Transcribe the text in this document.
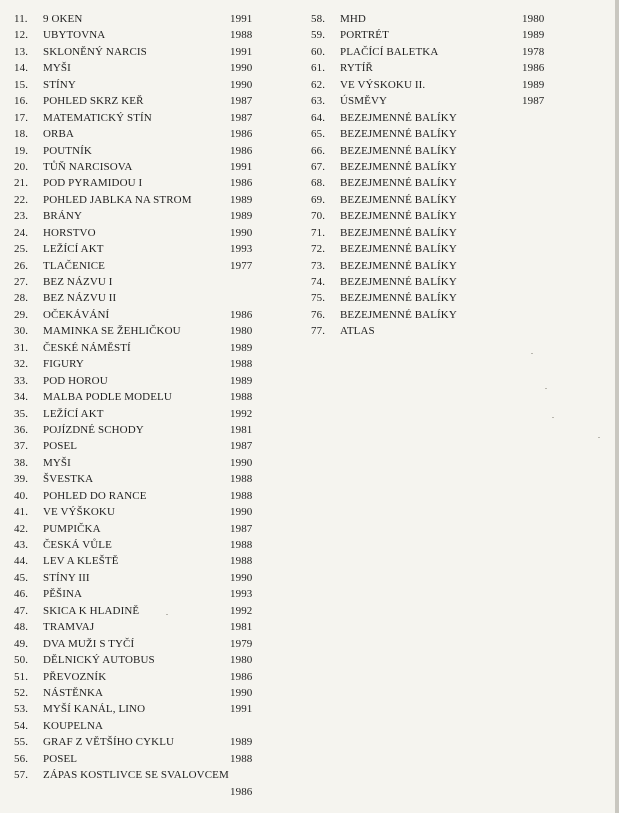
11. 9 OKEN	1991
12. UBYTOVNA	1988
13. SKLONĚNÝ NARCIS	1991
14. MYŠI	1990
15. STÍNY	1990
16. POHLED SKRZ KEŘ	1987
17. MATEMATICKÝ STÍN	1987
18. ORBA	1986
19. POUTNÍK	1986
20. TŮŇ NARCISOVA	1991
21. POD PYRAMIDOU I	1986
22. POHLED JABLKA NA STROM	1989
23. BRÁNY	1989
24. HORSTVO	1990
25. LEŽÍCÍ AKT	1993
26. TLAČENICE	1977
27. BEZ NÁZVU I
28. BEZ NÁZVU II
29. OČEKÁVÁNÍ	1986
30. MAMINKA SE ŽEHLIČKOU	1980
31. ČESKÉ NÁMĚSTÍ	1989
32. FIGURY	1988
33. POD HOROU	1989
34. MALBA PODLE MODELU	1988
35. LEŽÍCÍ AKT	1992
36. POJÍZDNÉ SCHODY	1981
37. POSEL	1987
38. MYŠI	1990
39. ŠVESTKA	1988
40. POHLED DO RANCE	1988
41. VE VÝŠKOKU	1990
42. PUMPIČKA	1987
43. ČESKÁ VŮLE	1988
44. LEV A KLEŠTĚ	1988
45. STÍNY III	1990
46. PĚŠINA	1993
47. SKICA K HLADINĚ	1992
48. TRAMVAJ	1981
49. DVA MUŽI S TYČÍ	1979
50. DĚLNICKÝ AUTOBUS	1980
51. PŘEVOZNÍK	1986
52. NÁSTĚNKA	1990
53. MYŠÍ KANÁL, LINO	1991
54. KOUPELNA
55. GRAF Z VĚTŠÍHO CYKLU	1989
56. POSEL	1988
57. ZÁPAS KOSTLIVCE SE SVALOVCEM
1986
58. MHD	1980
59. PORTRÉT	1989
60. PLAČÍCÍ BALETKA	1978
61. RYTÍŘ	1986
62. VE VÝSKOKU II.	1989
63. ÚSMĚVY	1987
64. BEZEJMENNÉ BALÍKY
65. BEZEJMENNÉ BALÍKY
66. BEZEJMENNÉ BALÍKY
67. BEZEJMENNÉ BALÍKY
68. BEZEJMENNÉ BALÍKY
69. BEZEJMENNÉ BALÍKY
70. BEZEJMENNÉ BALÍKY
71. BEZEJMENNÉ BALÍKY
72. BEZEJMENNÉ BALÍKY
73. BEZEJMENNÉ BALÍKY
74. BEZEJMENNÉ BALÍKY
75. BEZEJMENNÉ BALÍKY
76. BEZEJMENNÉ BALÍKY
77. ATLAS
